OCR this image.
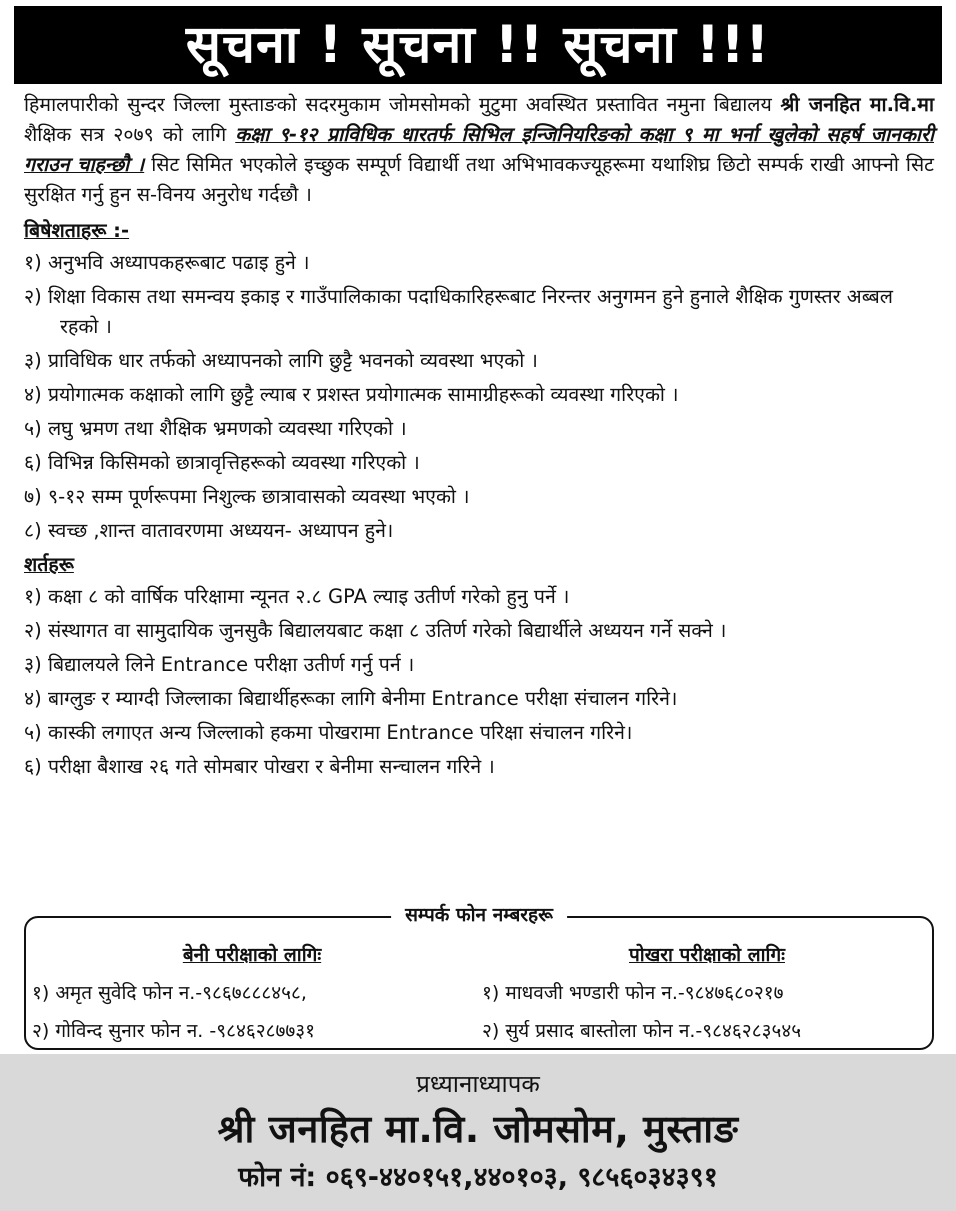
सूचना ! सूचना !! सूचना !!!

हिमालपारीको सुन्दर जिल्ला मुस्ताङको सदरमुकाम जोमसोमको मुटुमा अवस्थित प्रस्तावित नमुना बिद्यालय श्री जनहित मा.वि.मा शैक्षिक सत्र २०७९ को लागि कक्षा ९-१२ प्राविधिक धारतर्फ सिभिल इन्जिनियरिङको कक्षा ९ मा भर्ना खुलेको सहर्ष जानकारी गराउन चाहन्छौ । सिट सिमित भएकोले इच्छुक सम्पूर्ण विद्यार्थी तथा अभिभावकज्यूहरूमा यथाशिघ्र छिटो सम्पर्क राखी आफ्नो सिट सुरक्षित गर्नु हुन स-विनय अनुरोध गर्दछौ ।

बिषेशताहरू :-
१) अनुभवि अध्यापकहरूबाट पढाइ हुने ।
२) शिक्षा विकास तथा समन्वय इकाइ र गाउँपालिकाका पदाधिकारिहरूबाट निरन्तर अनुगमन हुने हुनाले शैक्षिक गुणस्तर अब्बल रहको ।
३) प्राविधिक धार तर्फको अध्यापनको लागि छुट्टै भवनको व्यवस्था भएको ।
४) प्रयोगात्मक कक्षाको लागि छुट्टै ल्याब र प्रशस्त प्रयोगात्मक सामाग्रीहरूको व्यवस्था गरिएको ।
५) लघु भ्रमण तथा शैक्षिक भ्रमणको व्यवस्था गरिएको ।
६) विभिन्न किसिमको छात्रावृत्तिहरूको व्यवस्था गरिएको ।
७) ९-१२ सम्म पूर्णरूपमा निशुल्क छात्रावासको व्यवस्था भएको ।
८) स्वच्छ ,शान्त वातावरणमा अध्ययन- अध्यापन हुने।
शर्तहरू
१) कक्षा ८ को वार्षिक परिक्षामा न्यूनत २.८ GPA ल्याइ उतीर्ण गरेको हुनु पर्ने ।
२) संस्थागत वा सामुदायिक जुनसुकै बिद्यालयबाट कक्षा ८ उतिर्ण गरेको बिद्यार्थीले अध्ययन गर्ने सक्ने ।
३) बिद्यालयले लिने Entrance परीक्षा उतीर्ण गर्नु पर्न ।
४) बाग्लुङ र म्याग्दी जिल्लाका बिद्यार्थीहरूका लागि बेनीमा Entrance परीक्षा संचालन गरिने।
५) कास्की लगाएत अन्य जिल्लाको हकमा पोखरामा Entrance परिक्षा संचालन गरिने।
६) परीक्षा बैशाख २६ गते सोमबार पोखरा र बेनीमा सन्चालन गरिने ।
सम्पर्क फोन नम्बरहरू
बेनी परीक्षाको लागिः
१) अमृत सुवेदि फोन न.-९८६७८८८४५८,
२) गोविन्द सुनार फोन न. -९८४६२८७७३१
पोखरा परीक्षाको लागिः
१) माधवजी भण्डारी फोन न.-९८४७६८०२१७
२) सुर्य प्रसाद बास्तोला फोन न.-९८४६२८३५४५
प्रध्यानाध्यापक
श्री जनहित मा.वि. जोमसोम, मुस्ताङ
फोन नं: ०६९-४४०१५१,४४०१०३, ९८५६०३४३९१
